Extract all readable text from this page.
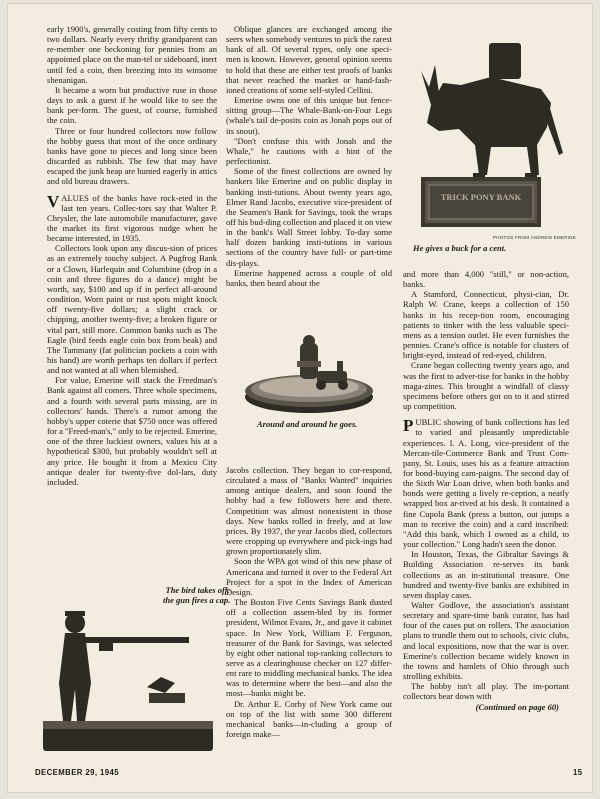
early 1900's, generally costing from fifty cents to two dollars. Nearly every thrifty grandparent can re-member one beckoning for pennies from an appointed place on the man-tel or sideboard, inert until fed a coin, then breezing into its winsome shenanigan.

It became a worn but productive ruse in those days to ask a guest if he would like to see the bank per-form. The guest, of course, furnished the coin.

Three or four hundred collectors now follow the hobby guess that most of the once ordinary banks have gone to pieces and long since been discarded as rubbish. The few that may have escaped the junk heap are hunted eagerly in attics and old bureau drawers.

VALUES of the banks have rock-eted in the last ten years. Collec-tors say that Walter P. Chrysler, the late automobile manufacturer, gave the market its first vigorous nudge when he became interested, in 1935.

Collectors look upon any discus-sion of prices as an extremely touchy subject. A Pugfrog Bank or a Clown, Harlequin and Columbine (drop in a coin and three figures do a dance) might be worth, say, $100 and up if in perfect all-around condition. Worn paint or rust spots might knock off twenty-five dollars; a slight crack or chipping, another twenty-five; a broken figure or vital part, still more. Common banks such as The Eagle (bird feeds eagle coin box from beak) and The Tammany (fat politician pockets a coin with his hand) are worth perhaps ten dollars if perfect and not wanted at all when blemished.

For value, Emerine will stack the Freedman's Bank against all comers. Three whole specimens, and a fourth with several parts missing, are in collectors' hands. There's a rumor among the hobby's upper coterie that $750 once was offered for a "Freed-man's," only to be rejected. Emerine, one of the three luckiest owners, values his at a hypothetical $300, but probably wouldn't sell at any price. He bought it from a Mexico City antique dealer for twenty-five dol-lars, duty included.

Oblique glances are exchanged among the seers when somebody ventures to pick the rarest bank of all. Of several types, only one speci-men is known. However, general opinion seems to hold that these are either test proofs of banks that never reached the market or hand-fash-ioned creations of some self-styled Cellini.

Emerine owns one of this unique but fence-sitting group—The Whale-Bank-on-Four Legs (whale's tail de-posits coin as Jonah pops out of its snout).

"Don't confuse this with Jonah and the Whale," he cautions with a hint of the perfectionist.

Some of the finest collections are owned by bankers like Emerine and on public display in banking insti-tutions. About twenty years ago, Elmer Rand Jacobs, executive vice-president of the Seamen's Bank for Savings, took the wraps off his bud-ding collection and placed it on view in the bank's Wall Street lobby. To-day some half dozen banking insti-tutions in various sections of the country have full- or part-time dis-plays.

Emerine happened across a couple of old banks, then heard about the

Around and around he goes.

Jacobs collection. They began to cor-respond, circulated a mass of "Banks Wanted" inquiries among antique dealers, and soon found the hobby had a few followers here and there. Competition was almost nonexistent in those days. New banks rolled in freely, and at low prices. By 1937, the year Jacobs died, collectors were cropping up everywhere and pick-ings had grown proportionately slim.

Soon the WPA got wind of this new phase of Americana and turned it over to the Federal Art Project for a spot in the Index of American Design.

The Boston Five Cents Savings Bank dusted off a collection assem-bled by its former president, Wilmot Evans, Jr., and gave it cabinet space. In New York, William F. Ferguson, treasurer of the Bank for Savings, was selected by eight other national top-ranking collectors to serve as a clearinghouse checker on 127 differ-ent rare to middling mechanical banks. The idea was to determine where the best—and also the most—banks might be.

Dr. Arthur E. Corby of New York came out on top of the list with some 300 different mechanical banks—in-cluding a group of foreign make—

TRICK PONY BANK
PHOTOS FROM ANDREW EMERINE
He gives a buck for a cent.

and more than 4,000 "still," or non-action, banks.

A Stamford, Connecticut, physi-cian, Dr. Ralph W. Crane, keeps a collection of 150 banks in his recep-tion room, encouraging patients to tinker with the less valuable speci-mens as a tension outlet. He even furnishes the pennies. Crane's office is notable for clusters of bright-eyed, instead of red-eyed, children.

Crane began collecting twenty years ago, and was the first to adver-tise for banks in the hobby maga-zines. This brought a windfall of classy specimens before others got on to it and stirred up competition.

PUBLIC showing of bank collections has led to varied and pleasantly unpredictable experiences. I. A. Long, vice-president of the Mercan-tile-Commerce Bank and Trust Com-pany, St. Louis, uses his as a feature attraction for bond-buying cam-paigns. The second day of the Sixth War Loan drive, when both banks and bonds were getting a lively re-ception, a neatly wrapped box ar-rived at his desk. It contained a fine Cupola Bank (press a button, out jumps a man to receive the coin) and a card inscribed: "Add this bank, which I owned as a child, to your collection." Long hadn't seen the donor.

In Houston, Texas, the Gibraltar Savings & Building Association re-serves its bank collections as an in-stitutional treasure. One hundred and twenty-five banks are exhibited in seven display cases.

Walter Godlove, the association's assistant secretary and spare-time bank curator, has had four of the cases put on rollers. The association plans to trundle them out to schools, civic clubs, and local expositions, now that the war is over. Emerine's collection became widely known in the towns and hamlets of Ohio through such strolling exhibits.

The hobby isn't all play. The im-portant collectors bear down with

(Continued on page 60)

The bird takes off:
the gun fires a cap.
DECEMBER 29, 1945	15
